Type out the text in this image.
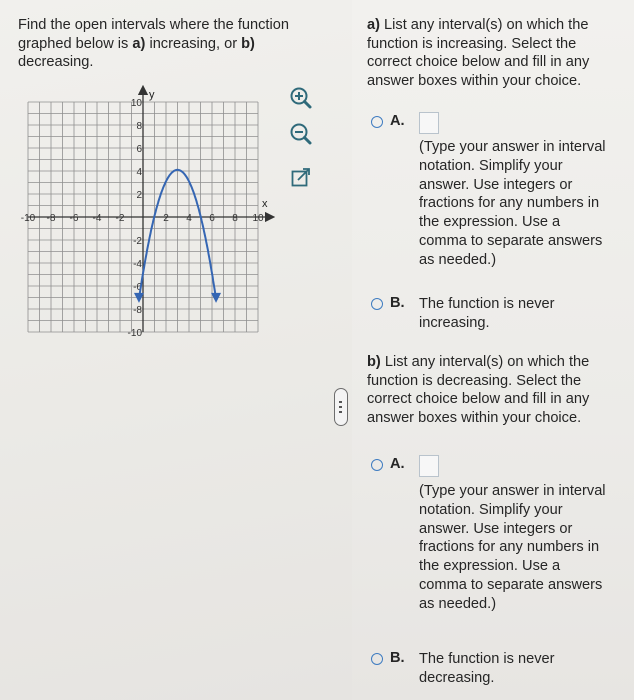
Find the open intervals where the function
graphed below is a) increasing, or b)
decreasing.
-10 -8 -6 -4 -2	2 4 6 8 10
10
8
6
4
2
-2
-4
-6
-8
-10
y
x
a) List any interval(s) on which the function is increasing. Select the correct choice below and fill in any answer boxes within your choice.
A.
(Type your answer in interval notation. Simplify your answer. Use integers or fractions for any numbers in the expression. Use a comma to separate answers as needed.)
B. The function is never increasing.
b) List any interval(s) on which the function is decreasing. Select the correct choice below and fill in any answer boxes within your choice.
A.
(Type your answer in interval notation. Simplify your answer. Use integers or fractions for any numbers in the expression. Use a comma to separate answers as needed.)
B. The function is never decreasing.
